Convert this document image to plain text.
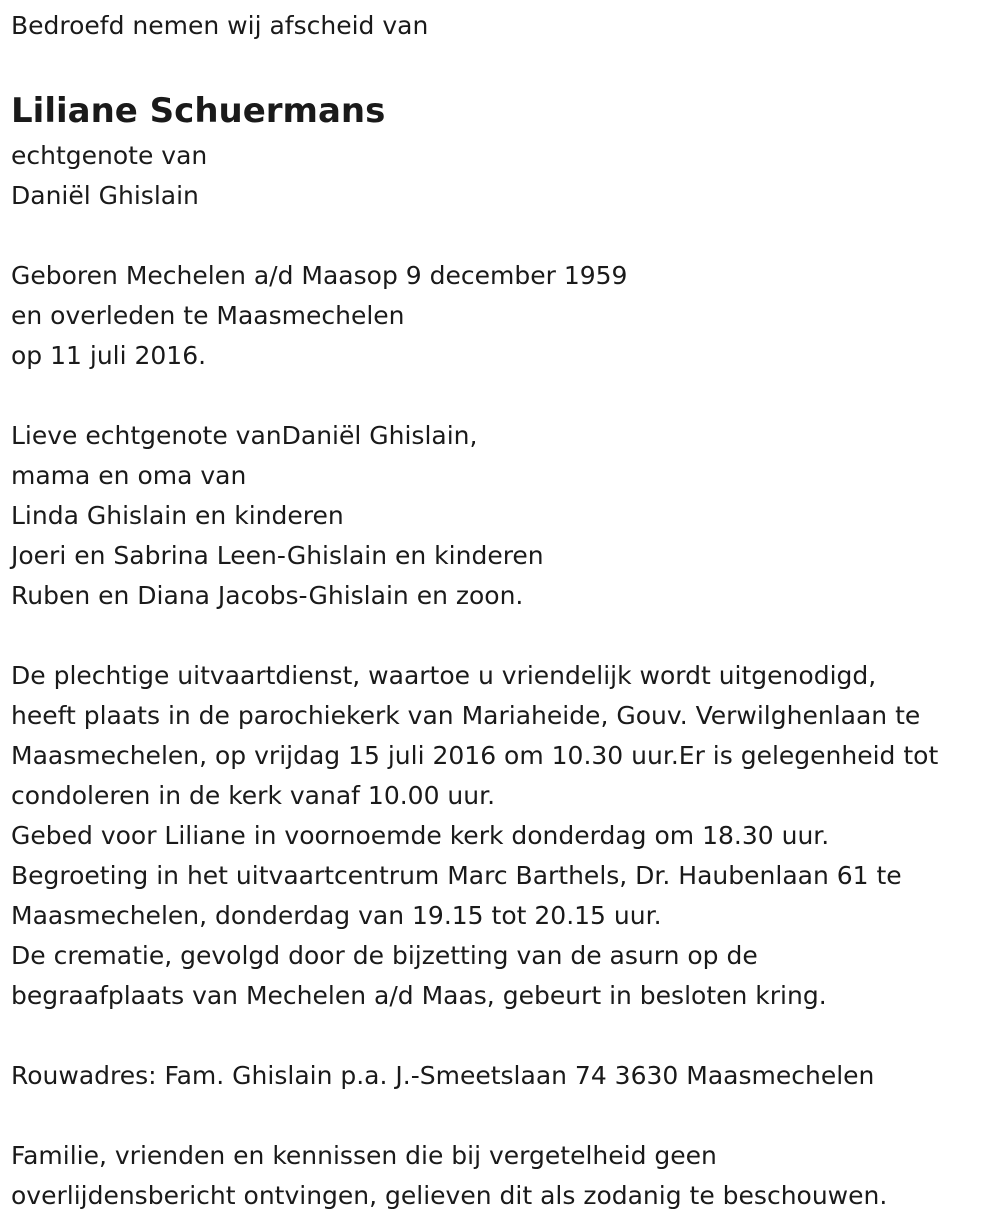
Bedroefd nemen wij afscheid van

Liliane Schuermans

echtgenote van

Daniël Ghislain

Geboren Mechelen a/d Maasop 9 december 1959

en overleden te Maasmechelen

op 11 juli 2016.

Lieve echtgenote vanDaniël Ghislain,

mama en oma van

Linda Ghislain en kinderen

Joeri en Sabrina Leen-Ghislain en kinderen

Ruben en Diana Jacobs-Ghislain en zoon.

De plechtige uitvaartdienst, waartoe u vriendelijk wordt uitgenodigd,

heeft plaats in de parochiekerk van Mariaheide, Gouv. Verwilghenlaan te

Maasmechelen, op vrijdag 15 juli 2016 om 10.30 uur.Er is gelegenheid tot

condoleren in de kerk vanaf 10.00 uur.

Gebed voor Liliane in voornoemde kerk donderdag om 18.30 uur.

Begroeting in het uitvaartcentrum Marc Barthels, Dr. Haubenlaan 61 te

Maasmechelen, donderdag van 19.15 tot 20.15 uur.

De crematie, gevolgd door de bijzetting van de asurn op de

begraafplaats van Mechelen a/d Maas, gebeurt in besloten kring.

Rouwadres: Fam. Ghislain p.a. J.-Smeetslaan 74 3630 Maasmechelen

Familie, vrienden en kennissen die bij vergetelheid geen

overlijdensbericht ontvingen, gelieven dit als zodanig te beschouwen.
